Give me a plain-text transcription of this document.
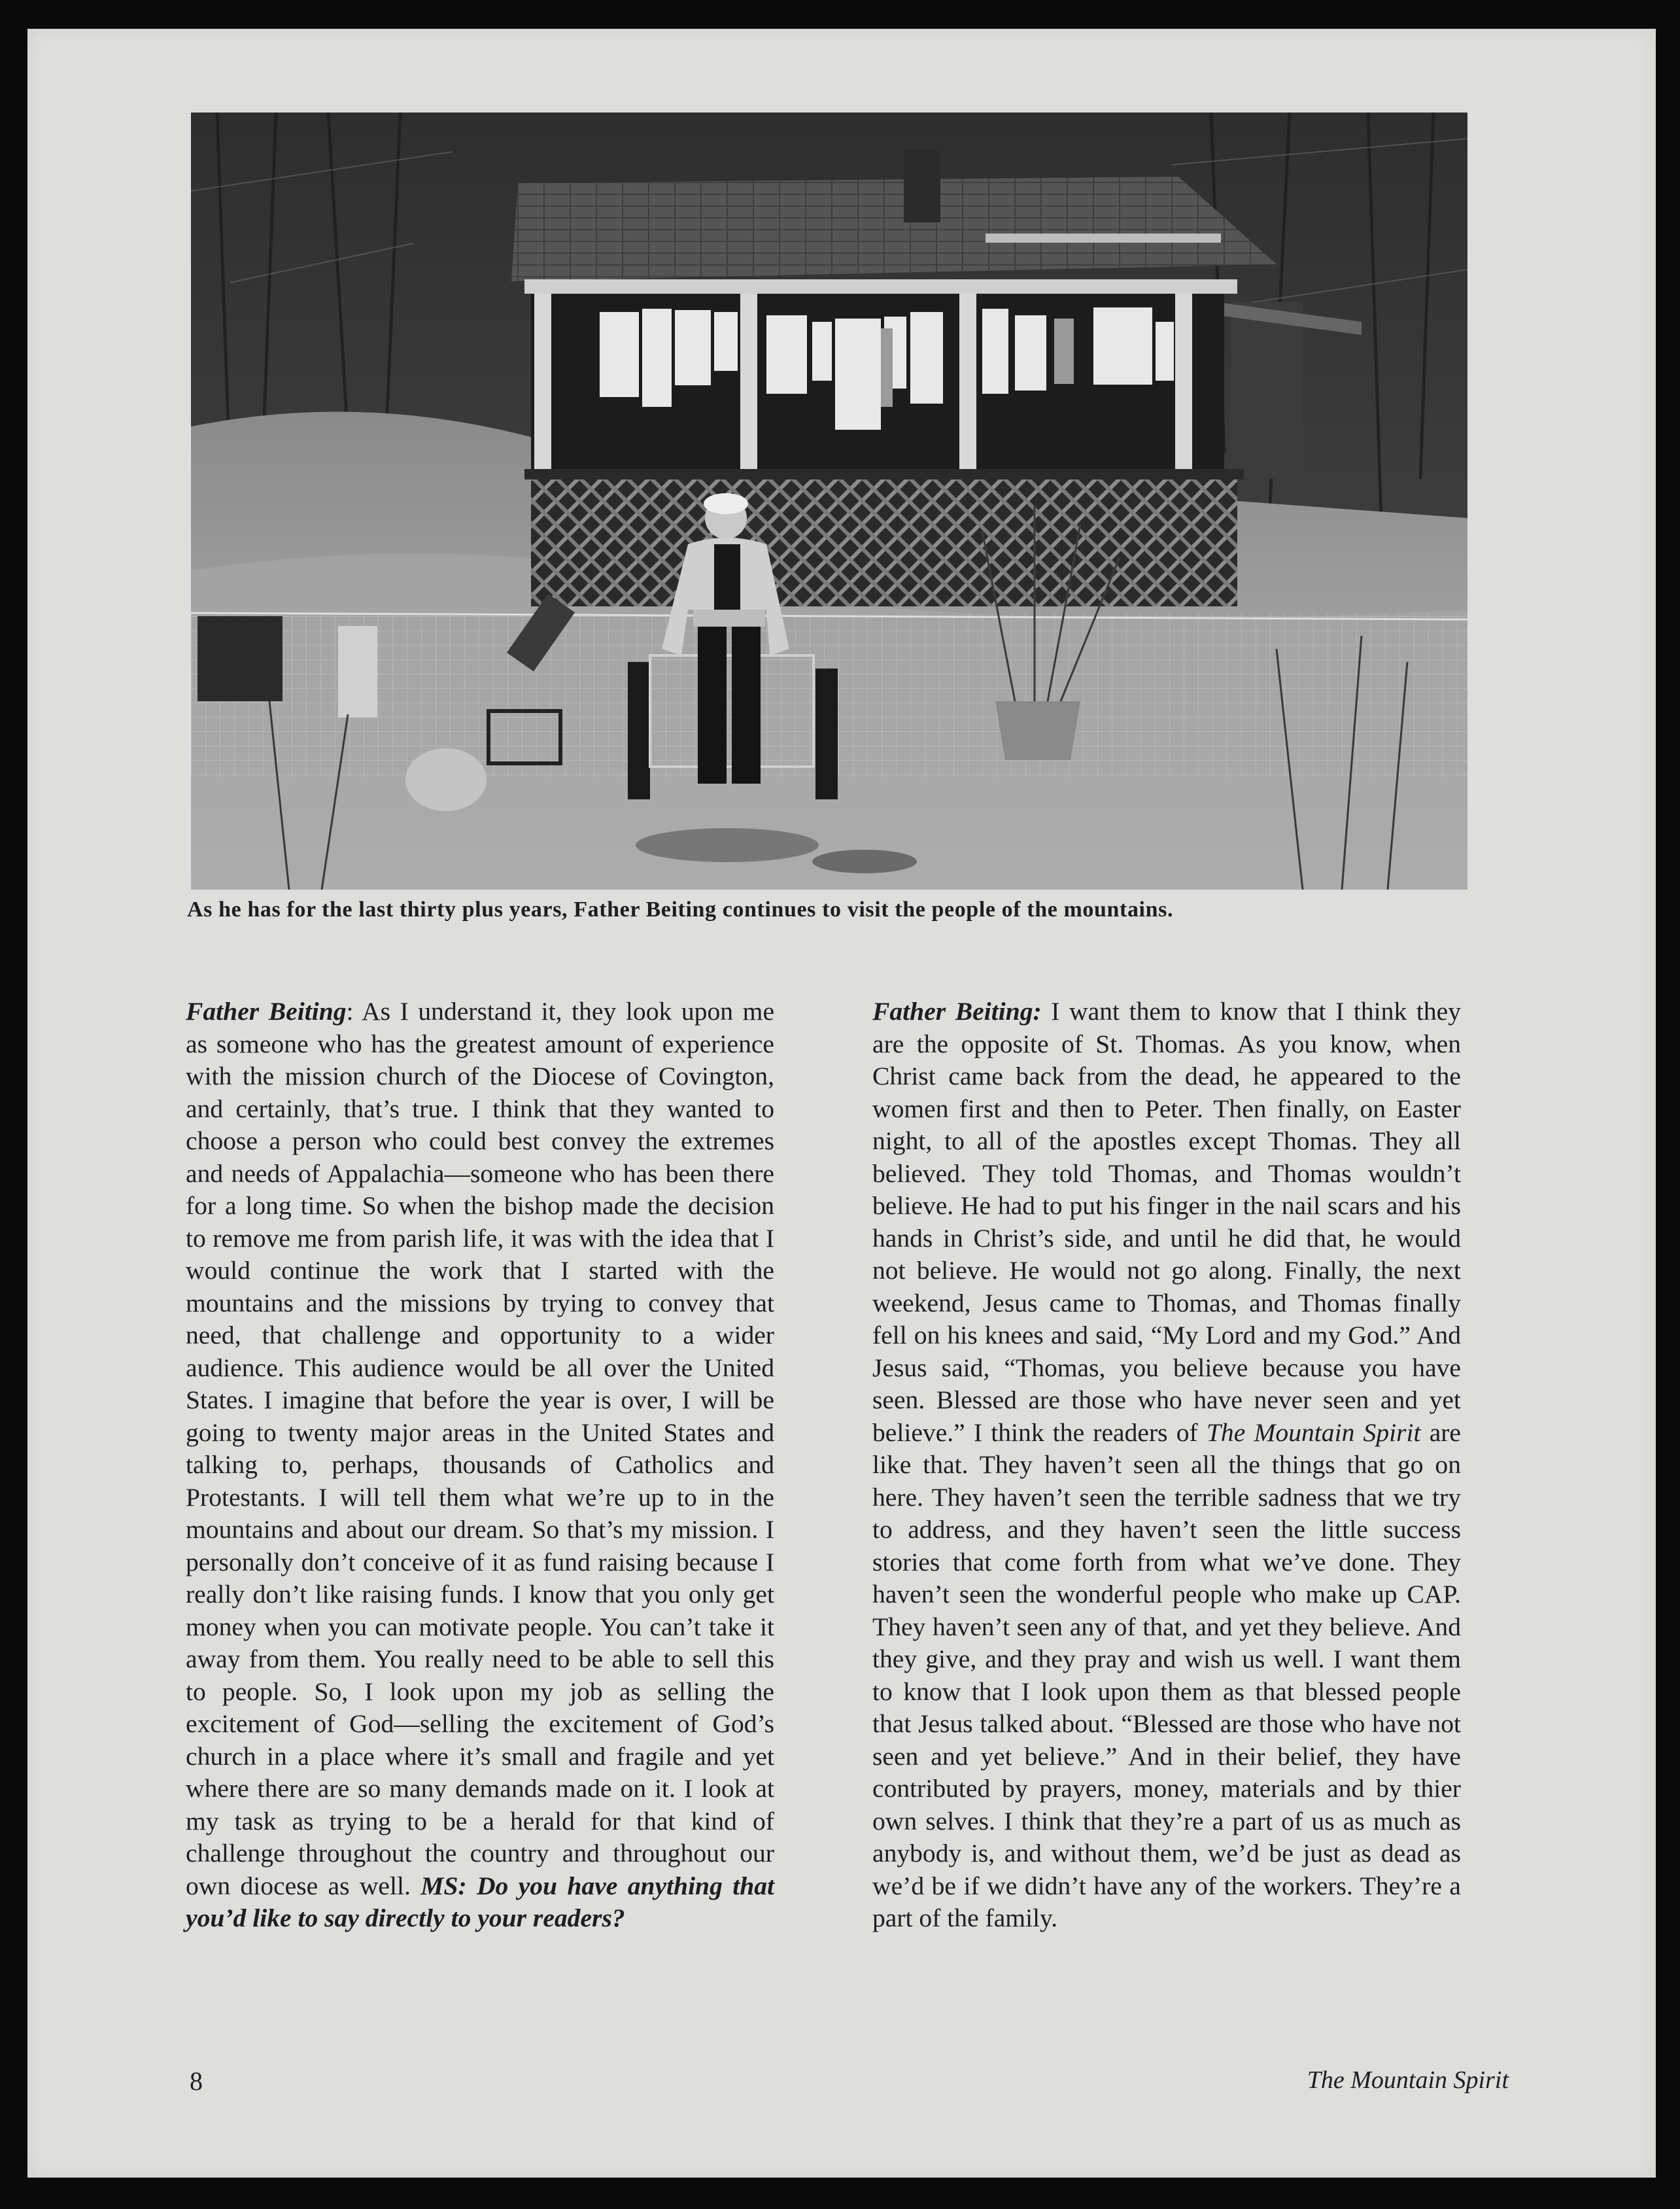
As he has for the last thirty plus years, Father Beiting continues to visit the people of the mountains.
Father Beiting: As I understand it, they look upon me as someone who has the greatest amount of experience with the mission church of the Diocese of Covington, and certainly, that’s true. I think that they wanted to choose a person who could best convey the extremes and needs of Appalachia—someone who has been there for a long time. So when the bishop made the decision to remove me from parish life, it was with the idea that I would continue the work that I started with the mountains and the missions by trying to convey that need, that challenge and opportunity to a wider audience. This audience would be all over the United States. I imagine that before the year is over, I will be going to twenty major areas in the United States and talking to, perhaps, thousands of Catholics and Protestants. I will tell them what we’re up to in the mountains and about our dream. So that’s my mission. I personally don’t conceive of it as fund raising because I really don’t like raising funds. I know that you only get money when you can motivate people. You can’t take it away from them. You really need to be able to sell this to people. So, I look upon my job as selling the excitement of God—selling the excitement of God’s church in a place where it’s small and fragile and yet where there are so many demands made on it. I look at my task as trying to be a herald for that kind of challenge throughout the country and throughout our own diocese as well. MS: Do you have anything that you’d like to say directly to your readers?
Father Beiting: I want them to know that I think they are the opposite of St. Thomas. As you know, when Christ came back from the dead, he appeared to the women first and then to Peter. Then finally, on Easter night, to all of the apostles except Thomas. They all believed. They told Thomas, and Thomas wouldn’t believe. He had to put his finger in the nail scars and his hands in Christ’s side, and until he did that, he would not believe. He would not go along. Finally, the next weekend, Jesus came to Thomas, and Thomas finally fell on his knees and said, “My Lord and my God.” And Jesus said, “Thomas, you believe because you have seen. Blessed are those who have never seen and yet believe.” I think the readers of The Mountain Spirit are like that. They haven’t seen all the things that go on here. They haven’t seen the terrible sadness that we try to address, and they haven’t seen the little success stories that come forth from what we’ve done. They haven’t seen the wonderful people who make up CAP. They haven’t seen any of that, and yet they believe. And they give, and they pray and wish us well. I want them to know that I look upon them as that blessed people that Jesus talked about. “Blessed are those who have not seen and yet believe.” And in their belief, they have contributed by prayers, money, materials and by thier own selves. I think that they’re a part of us as much as anybody is, and without them, we’d be just as dead as we’d be if we didn’t have any of the workers. They’re a part of the family.
8	The Mountain Spirit
